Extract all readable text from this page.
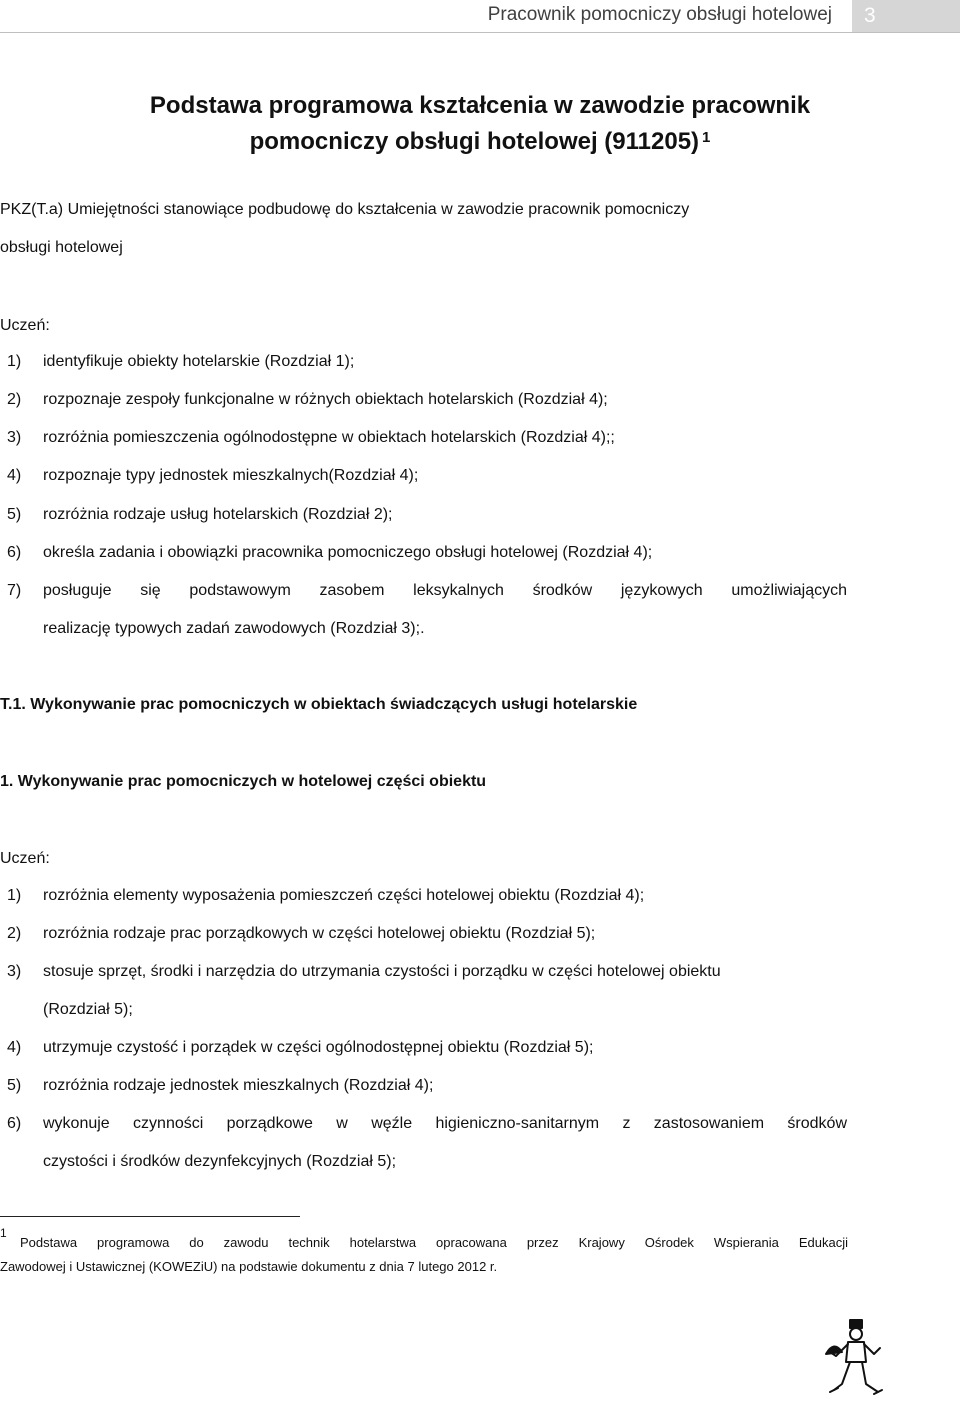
Pracownik pomocniczy obsługi hotelowej	3
Podstawa programowa kształcenia w zawodzie pracownik
pomocniczy obsługi hotelowej (911205) $^1$
PKZ(T.a) Umiejętności stanowiące podbudowę do kształcenia w zawodzie pracownik pomocniczy
obsługi hotelowej
Uczeń:
1) identyfikuje obiekty hotelarskie (Rozdział 1);
2) rozpoznaje zespoły funkcjonalne w różnych obiektach hotelarskich (Rozdział 4);
3) rozróżnia pomieszczenia ogólnodostępne w obiektach hotelarskich (Rozdział 4);;
4) rozpoznaje typy jednostek mieszkalnych(Rozdział 4);
5) rozróżnia rodzaje usług hotelarskich (Rozdział 2);
6) określa zadania i obowiązki pracownika pomocniczego obsługi hotelowej (Rozdział 4);
7) posługuje się podstawowym zasobem leksykalnych środków językowych umożliwiających
realizację typowych zadań zawodowych (Rozdział 3);.
T.1. Wykonywanie prac pomocniczych w obiektach świadczących usługi hotelarskie
1. Wykonywanie prac pomocniczych w hotelowej części obiektu
Uczeń:
1) rozróżnia elementy wyposażenia pomieszczeń części hotelowej obiektu (Rozdział 4);
2) rozróżnia rodzaje prac porządkowych w części hotelowej obiektu (Rozdział 5);
3) stosuje sprzęt, środki i narzędzia do utrzymania czystości i porządku w części hotelowej obiektu
(Rozdział 5);
4) utrzymuje czystość i porządek w części ogólnodostępnej obiektu (Rozdział 5);
5) rozróżnia rodzaje jednostek mieszkalnych (Rozdział 4);
6) wykonuje czynności porządkowe w węźle higieniczno-sanitarnym z zastosowaniem środków
czystości i środków dezynfekcyjnych (Rozdział 5);
1
Podstawa programowa do zawodu technik hotelarstwa opracowana przez Krajowy Ośrodek Wspierania Edukacji
Zawodowej i Ustawicznej (KOWEZiU) na podstawie dokumentu z dnia 7 lutego 2012 r.
